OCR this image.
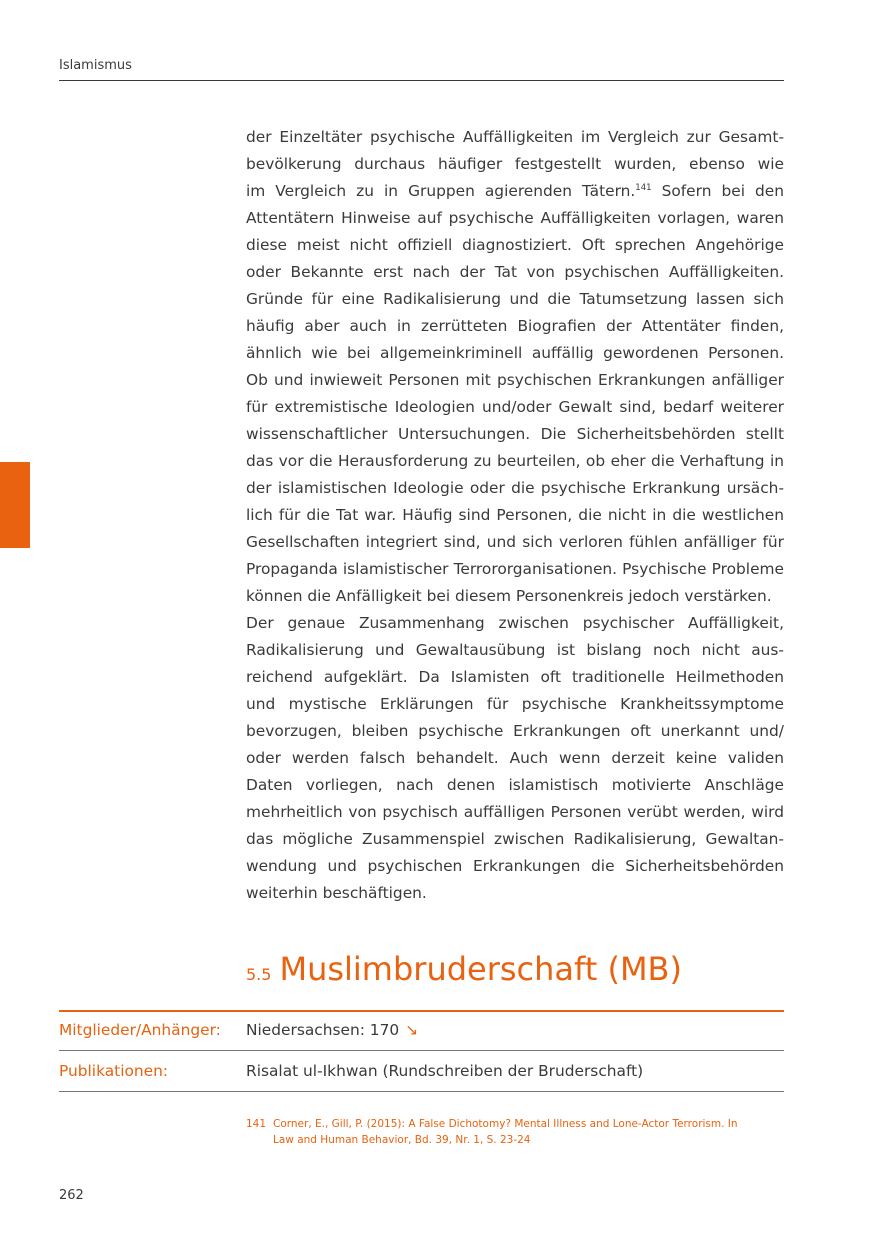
Islamismus
der Einzeltäter psychische Auffälligkeiten im Vergleich zur Gesamt-
bevölkerung durchaus häufiger festgestellt wurden, ebenso wie
im Vergleich zu in Gruppen agierenden Tätern.$^{141}$ Sofern bei den
Attentätern Hinweise auf psychische Auffälligkeiten vorlagen, waren
diese meist nicht offiziell diagnostiziert. Oft sprechen Angehörige
oder Bekannte erst nach der Tat von psychischen Auffälligkeiten.
Gründe für eine Radikalisierung und die Tatumsetzung lassen sich
häufig aber auch in zerrütteten Biografien der Attentäter finden,
ähnlich wie bei allgemeinkriminell auffällig gewordenen Personen.
Ob und inwieweit Personen mit psychischen Erkrankungen anfälliger
für extremistische Ideologien und/oder Gewalt sind, bedarf weiterer
wissenschaftlicher Untersuchungen. Die Sicherheitsbehörden stellt
das vor die Herausforderung zu beurteilen, ob eher die Verhaftung in
der islamistischen Ideologie oder die psychische Erkrankung ursäch-
lich für die Tat war. Häufig sind Personen, die nicht in die westlichen
Gesellschaften integriert sind, und sich verloren fühlen anfälliger für
Propaganda islamistischer Terrororganisationen. Psychische Probleme
können die Anfälligkeit bei diesem Personenkreis jedoch verstärken.
Der genaue Zusammenhang zwischen psychischer Auffälligkeit,
Radikalisierung und Gewaltausübung ist bislang noch nicht aus-
reichend aufgeklärt. Da Islamisten oft traditionelle Heilmethoden
und mystische Erklärungen für psychische Krankheitssymptome
bevorzugen, bleiben psychische Erkrankungen oft unerkannt und/
oder werden falsch behandelt. Auch wenn derzeit keine validen
Daten vorliegen, nach denen islamistisch motivierte Anschläge
mehrheitlich von psychisch auffälligen Personen verübt werden, wird
das mögliche Zusammenspiel zwischen Radikalisierung, Gewaltan-
wendung und psychischen Erkrankungen die Sicherheitsbehörden
weiterhin beschäftigen.
5.5 Muslimbruderschaft (MB)
Mitglieder/Anhänger: Niedersachsen: 170 ↘
Publikationen:	Risalat ul-Ikhwan (Rundschreiben der Bruderschaft)
141 Corner, E., Gill, P. (2015): A False Dichotomy? Mental Illness and Lone-Actor Terrorism. In
Law and Human Behavior, Bd. 39, Nr. 1, S. 23-24
262
